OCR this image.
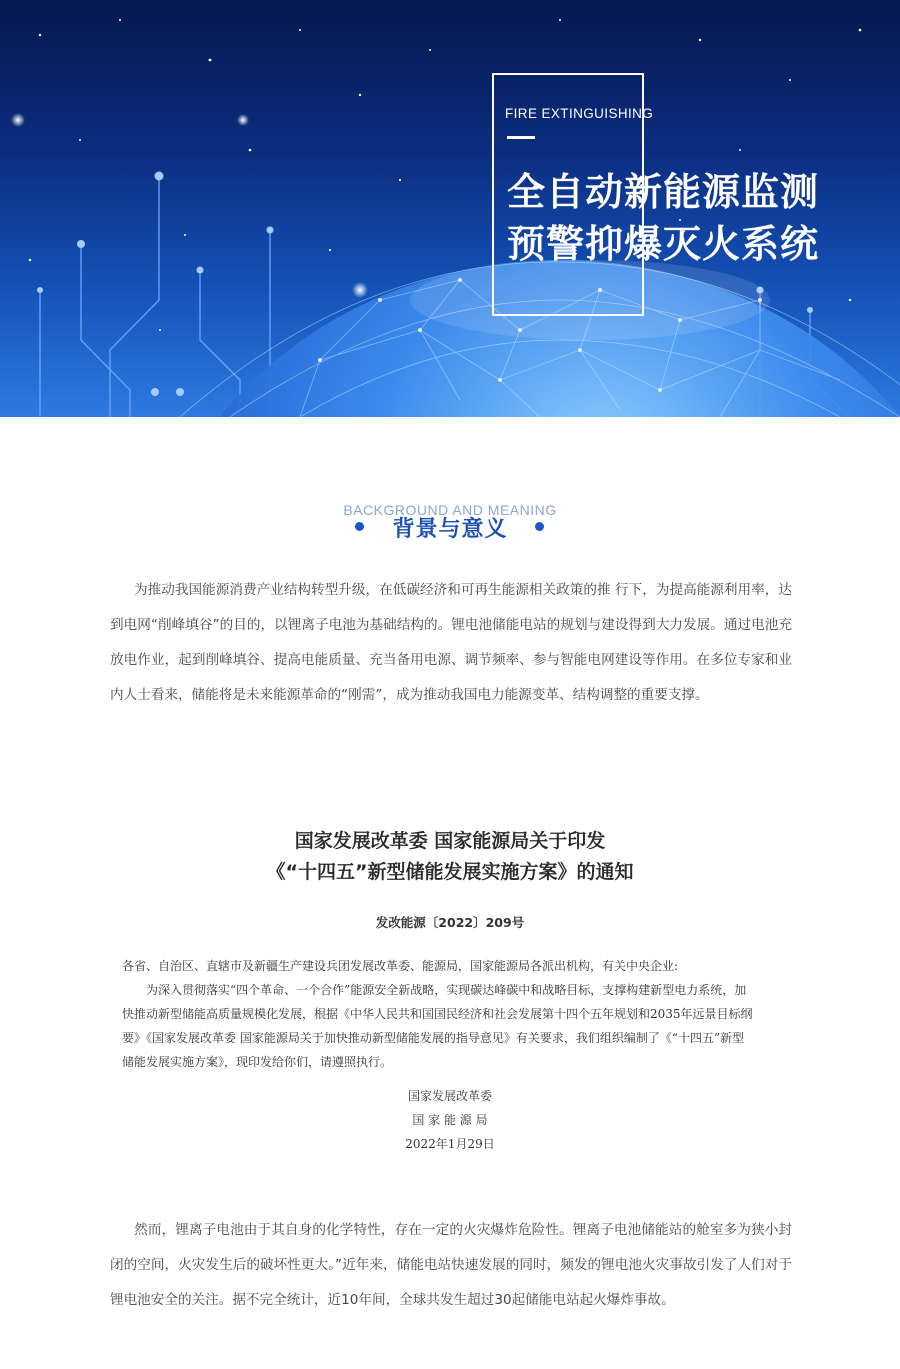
FIRE EXTINGUISHING
全自动新能源监测
预警抑爆灭火系统
BACKGROUND AND MEANING
背景与意义

为推动我国能源消费产业结构转型升级，在低碳经济和可再生能源相关政策的推 行下，为提高能源利用率，达到电网“削峰填谷”的目的，以锂离子电池为基础结构的。锂电池储能电站的规划与建设得到大力发展。通过电池充放电作业，起到削峰填谷、提高电能质量、充当备用电源、调节频率、参与智能电网建设等作用。在多位专家和业内人士看来，储能将是未来能源革命的“刚需”，成为推动我国电力能源变革、结构调整的重要支撑。

国家发展改革委 国家能源局关于印发
《“十四五”新型储能发展实施方案》的通知
发改能源〔2022〕209号
各省、自治区、直辖市及新疆生产建设兵团发展改革委、能源局，国家能源局各派出机构，有关中央企业:
为深入贯彻落实“四个革命、一个合作”能源安全新战略，实现碳达峰碳中和战略目标，支撑构建新型电力系统，加
快推动新型储能高质量规模化发展，根据《中华人民共和国国民经济和社会发展第十四个五年规划和2035年远景目标纲
要》《国家发展改革委 国家能源局关于加快推动新型储能发展的指导意见》有关要求，我们组织编制了《“十四五”新型
储能发展实施方案》，现印发给你们，请遵照执行。
国家发展改革委
国 家 能 源 局
2022年1月29日

然而，锂离子电池由于其自身的化学特性，存在一定的火灾爆炸危险性。锂离子电池储能站的舱室多为狭小封闭的空间，火灾发生后的破坏性更大。”近年来，储能电站快速发展的同时，频发的锂电池火灾事故引发了人们对于锂电池安全的关注。据不完全统计，近10年间，全球共发生超过30起储能电站起火爆炸事故。
